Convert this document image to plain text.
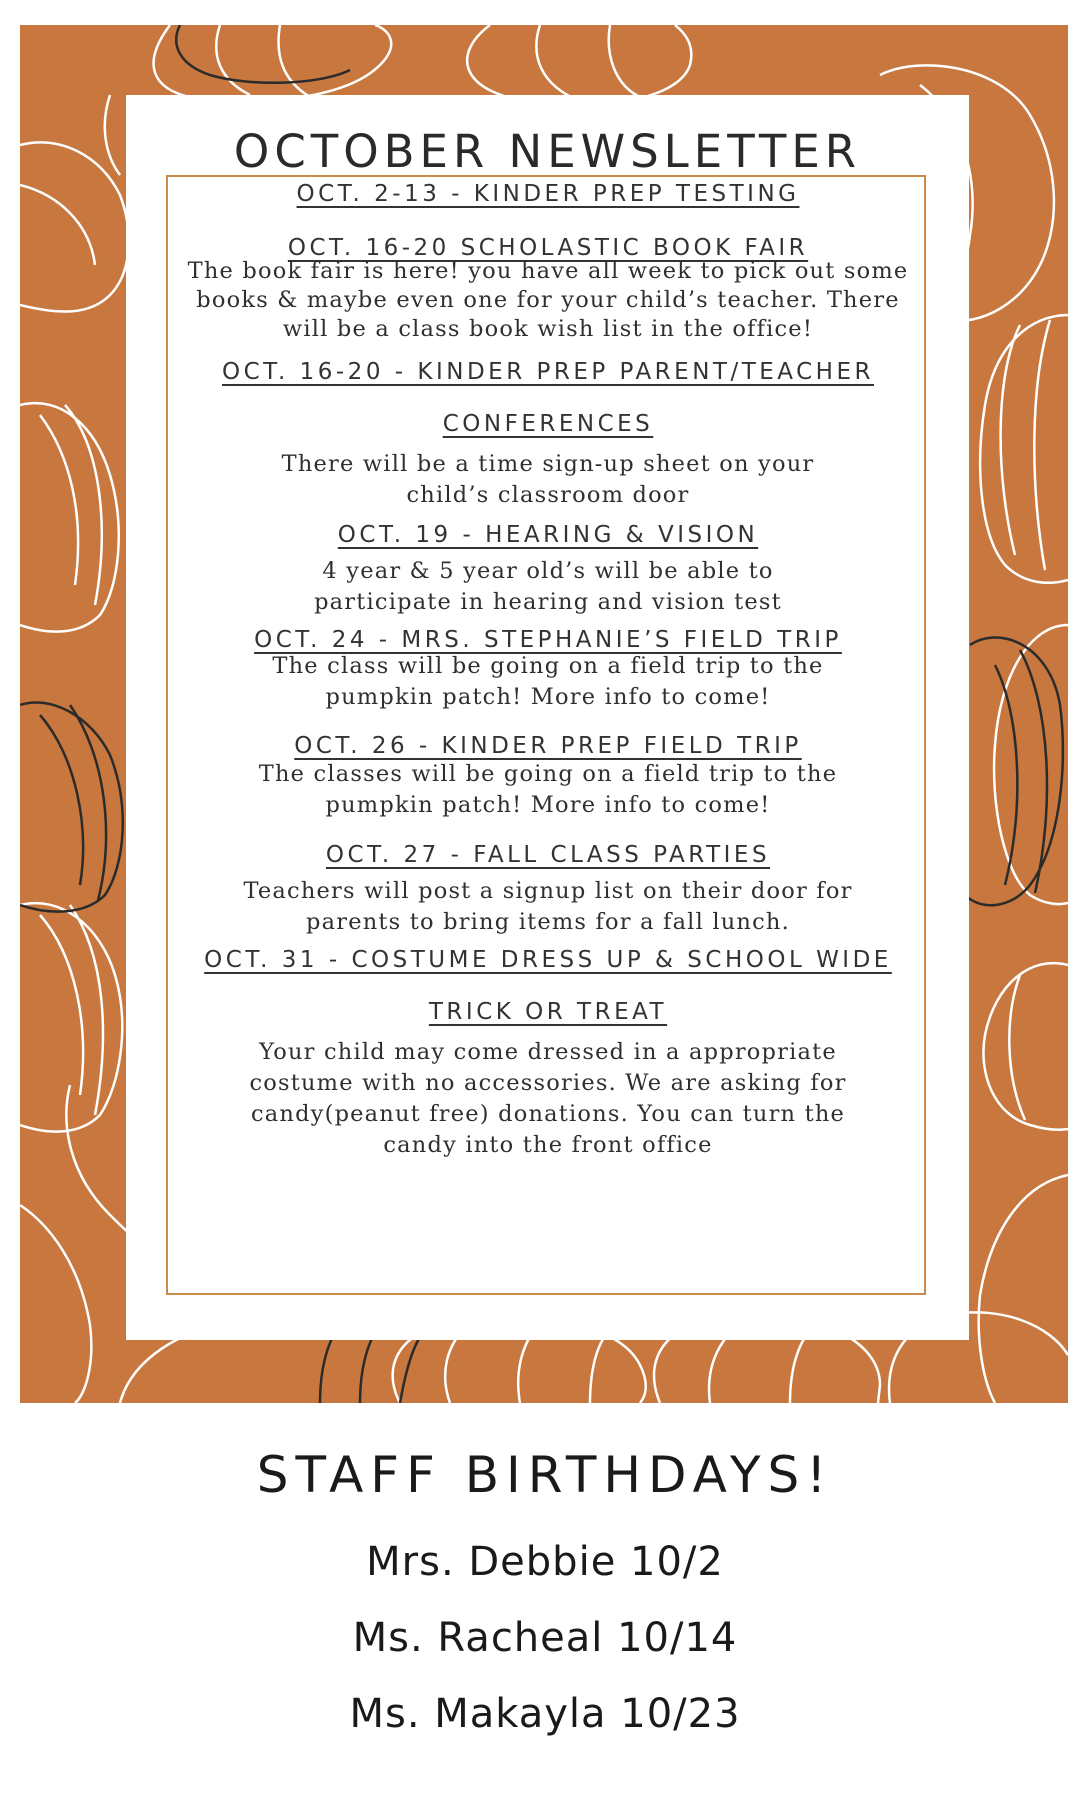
OCTOBER NEWSLETTER
OCT. 2-13 - KINDER PREP TESTING
OCT. 16-20 SCHOLASTIC BOOK FAIR
The book fair is here! you have all week to pick out some books & maybe even one for your child’s teacher. There will be a class book wish list in the office!
OCT. 16-20 - KINDER PREP PARENT/TEACHER
CONFERENCES
There will be a time sign-up sheet on your child’s classroom door
OCT. 19 - HEARING & VISION
4 year & 5 year old’s will be able to participate in hearing and vision test
OCT. 24 - MRS. STEPHANIE’S FIELD TRIP
The class will be going on a field trip to the pumpkin patch! More info to come!
OCT. 26 - KINDER PREP FIELD TRIP
The classes will be going on a field trip to the pumpkin patch! More info to come!
OCT. 27 - FALL CLASS PARTIES
Teachers will post a signup list on their door for parents to bring items for a fall lunch.
OCT. 31 - COSTUME DRESS UP & SCHOOL WIDE
TRICK OR TREAT
Your child may come dressed in a appropriate costume with no accessories. We are asking for candy(peanut free) donations. You can turn the candy into the front office
STAFF BIRTHDAYS!
Mrs. Debbie 10/2
Ms. Racheal 10/14
Ms. Makayla 10/23
